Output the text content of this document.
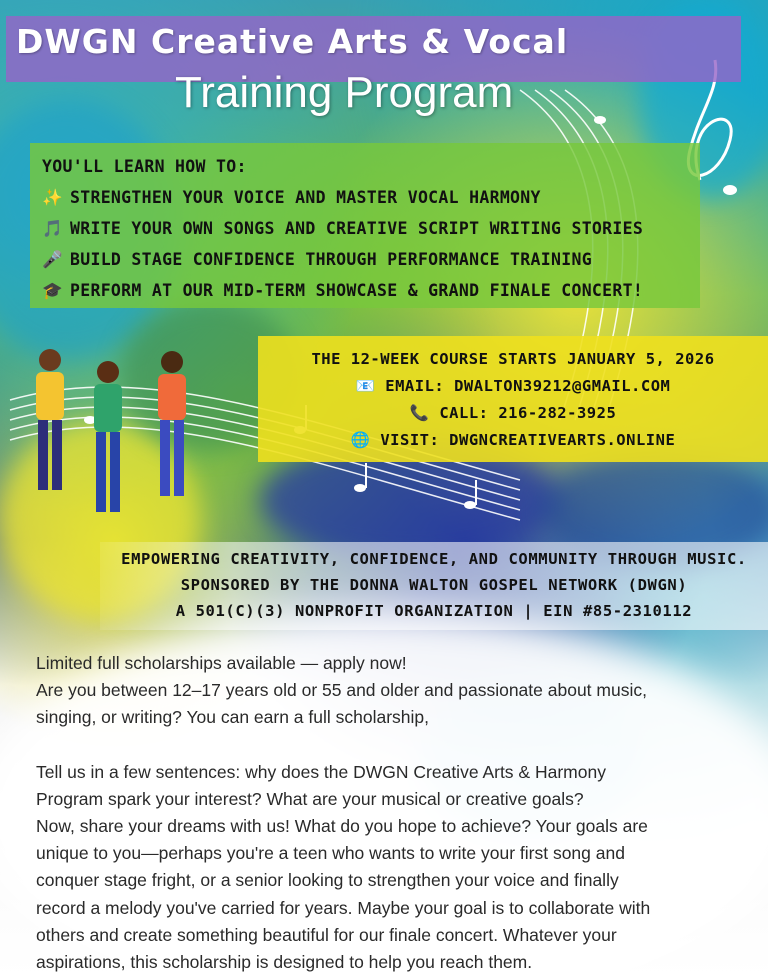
DWGN Creative Arts & Vocal
Training Program
YOU'LL LEARN HOW TO:
✨ STRENGTHEN YOUR VOICE AND MASTER VOCAL HARMONY
🎵 WRITE YOUR OWN SONGS AND CREATIVE SCRIPT WRITING STORIES
🎤 BUILD STAGE CONFIDENCE THROUGH PERFORMANCE TRAINING
🎓 PERFORM AT OUR MID-TERM SHOWCASE & GRAND FINALE CONCERT!
THE 12-WEEK COURSE STARTS JANUARY 5, 2026
📧 EMAIL: DWALTON39212@GMAIL.COM
📞 CALL: 216-282-3925
🌐 VISIT: DWGNCREATIVEARTS.ONLINE
EMPOWERING CREATIVITY, CONFIDENCE, AND COMMUNITY THROUGH MUSIC.
SPONSORED BY THE DONNA WALTON GOSPEL NETWORK (DWGN)
A 501(C)(3) NONPROFIT ORGANIZATION | EIN #85-2310112

Limited full scholarships available — apply now!

Are you between 12–17 years old or 55 and older and passionate about music,

singing, or writing? You can earn a full scholarship,

Tell us in a few sentences: why does the DWGN Creative Arts & Harmony

Program spark your interest? What are your musical or creative goals?

Now, share your dreams with us! What do you hope to achieve? Your goals are

unique to you—perhaps you're a teen who wants to write your first song and

conquer stage fright, or a senior looking to strengthen your voice and finally

record a melody you've carried for years. Maybe your goal is to collaborate with

others and create something beautiful for our finale concert. Whatever your

aspirations, this scholarship is designed to help you reach them.
